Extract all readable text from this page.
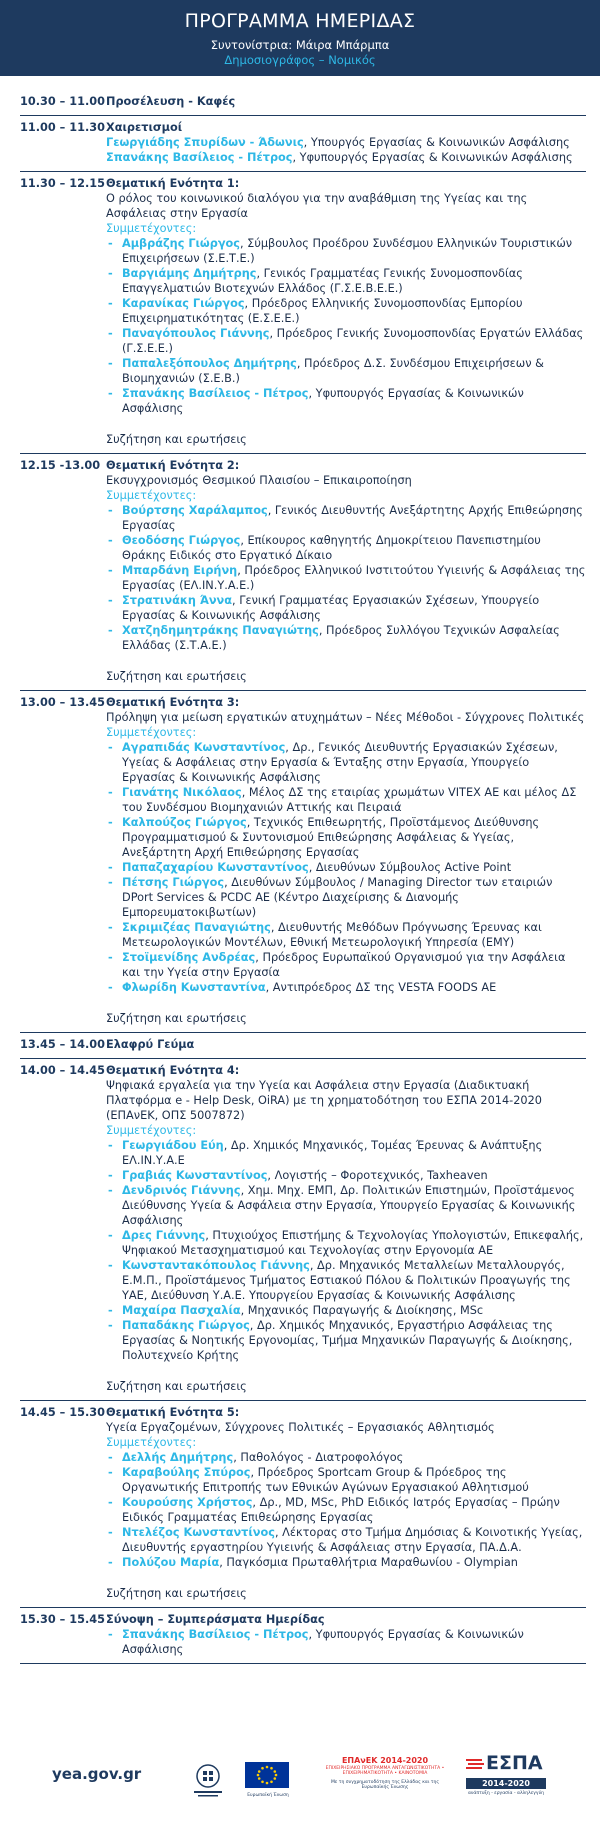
ΠΡΟΓΡΑΜΜΑ ΗΜΕΡΙΔΑΣ
Συντονίστρια: Μάιρα Μπάρμπα
Δημοσιογράφος – Νομικός
10.30 – 11.00 Προσέλευση - Καφές
11.00 – 11.30 Χαιρετισμοί
Γεωργιάδης Σπυρίδων - Άδωνις, Υπουργός Εργασίας & Κοινωνικών Ασφάλισης
Σπανάκης Βασίλειος - Πέτρος, Υφυπουργός Εργασίας & Κοινωνικών Ασφάλισης
11.30 – 12.15 Θεματική Ενότητα 1:
Ο ρόλος του κοινωνικού διαλόγου για την αναβάθμιση της Υγείας και της Ασφάλειας στην Εργασία
Συμμετέχοντες:
- Αμβράζης Γιώργος, Σύμβουλος Προέδρου Συνδέσμου Ελληνικών Τουριστικών Επιχειρήσεων (Σ.Ε.Τ.Ε.)
- Βαργιάμης Δημήτρης, Γενικός Γραμματέας Γενικής Συνομοσπονδίας Επαγγελματιών Βιοτεχνών Ελλάδος (Γ.Σ.Ε.Β.Ε.Ε.)
- Καρανίκας Γιώργος, Πρόεδρος Ελληνικής Συνομοσπονδίας Εμπορίου Επιχειρηματικότητας (Ε.Σ.Ε.Ε.)
- Παναγόπουλος Γιάννης, Πρόεδρος Γενικής Συνομοσπονδίας Εργατών Ελλάδας (Γ.Σ.Ε.Ε.)
- Παπαλεξόπουλος Δημήτρης, Πρόεδρος Δ.Σ. Συνδέσμου Επιχειρήσεων & Βιομηχανιών (Σ.Ε.Β.)
- Σπανάκης Βασίλειος - Πέτρος, Υφυπουργός Εργασίας & Κοινωνικών Ασφάλισης
Συζήτηση και ερωτήσεις
12.15 -13.00 Θεματική Ενότητα 2:
Εκσυγχρονισμός Θεσμικού Πλαισίου – Επικαιροποίηση
Συμμετέχοντες:
- Βούρτσης Χαράλαμπος, Γενικός Διευθυντής Ανεξάρτητης Αρχής Επιθεώρησης Εργασίας
- Θεοδόσης Γιώργος, Επίκουρος καθηγητής Δημοκρίτειου Πανεπιστημίου Θράκης Ειδικός στο Εργατικό Δίκαιο
- Μπαρδάνη Ειρήνη, Πρόεδρος Ελληνικού Ινστιτούτου Υγιεινής & Ασφάλειας της Εργασίας (ΕΛ.ΙΝ.Υ.Α.Ε.)
- Στρατινάκη Άννα, Γενική Γραμματέας Εργασιακών Σχέσεων, Υπουργείο Εργασίας & Κοινωνικής Ασφάλισης
- Χατζηδημητράκης Παναγιώτης, Πρόεδρος Συλλόγου Τεχνικών Ασφαλείας Ελλάδας (Σ.Τ.Α.Ε.)
Συζήτηση και ερωτήσεις
13.00 – 13.45 Θεματική Ενότητα 3:
Πρόληψη για μείωση εργατικών ατυχημάτων – Νέες Μέθοδοι - Σύγχρονες Πολιτικές
Συμμετέχοντες:
- Αγραπιδάς Κωνσταντίνος, Δρ., Γενικός Διευθυντής Εργασιακών Σχέσεων, Υγείας & Ασφάλειας στην Εργασία & Ένταξης στην Εργασία, Υπουργείο Εργασίας & Κοινωνικής Ασφάλισης
- Γιανάτης Νικόλαος, Μέλος ΔΣ της εταιρίας χρωμάτων VITEX AE και μέλος ΔΣ του Συνδέσμου Βιομηχανιών Αττικής και Πειραιά
- Καλπούζος Γιώργος, Τεχνικός Επιθεωρητής, Προϊστάμενος Διεύθυνσης Προγραμματισμού & Συντονισμού Επιθεώρησης Ασφάλειας & Υγείας, Ανεξάρτητη Αρχή Επιθεώρησης Εργασίας
- Παπαζαχαρίου Κωνσταντίνος, Διευθύνων Σύμβουλος Active Point
- Πέτσης Γιώργος, Διευθύνων Σύμβουλος / Managing Director των εταιριών DPort Services & PCDC AE (Κέντρο Διαχείρισης & Διανομής Εμπορευματοκιβωτίων)
- Σκριμιζέας Παναγιώτης, Διευθυντής Μεθόδων Πρόγνωσης Έρευνας και Μετεωρολογικών Μοντέλων, Εθνική Μετεωρολογική Υπηρεσία (ΕΜΥ)
- Στοϊμενίδης Ανδρέας, Πρόεδρος Ευρωπαϊκού Οργανισμού για την Ασφάλεια και την Υγεία στην Εργασία
- Φλωρίδη Κωνσταντίνα, Αντιπρόεδρος ΔΣ της VESTA FOODS AE
Συζήτηση και ερωτήσεις
13.45 – 14.00 Ελαφρύ Γεύμα
14.00 – 14.45 Θεματική Ενότητα 4:
Ψηφιακά εργαλεία για την Υγεία και Ασφάλεια στην Εργασία (Διαδικτυακή Πλατφόρμα e - Help Desk, OiRA) με τη χρηματοδότηση του ΕΣΠΑ 2014-2020 (ΕΠΑνΕΚ, ΟΠΣ 5007872)
Συμμετέχοντες:
- Γεωργιάδου Εύη, Δρ. Χημικός Μηχανικός, Τομέας Έρευνας & Ανάπτυξης ΕΛ.ΙΝ.Υ.Α.Ε
- Γραβιάς Κωνσταντίνος, Λογιστής – Φοροτεχνικός, Taxheaven
- Δενδρινός Γιάννης, Χημ. Μηχ. ΕΜΠ, Δρ. Πολιτικών Επιστημών, Προϊστάμενος Διεύθυνσης Υγεία & Ασφάλεια στην Εργασία, Υπουργείο Εργασίας & Κοινωνικής Ασφάλισης
- Δρες Γιάννης, Πτυχιούχος Επιστήμης & Τεχνολογίας Υπολογιστών, Επικεφαλής, Ψηφιακού Μετασχηματισμού και Τεχνολογίας στην Εργονομία ΑΕ
- Κωνσταντακόπουλος Γιάννης, Δρ. Μηχανικός Μεταλλείων Μεταλλουργός, Ε.Μ.Π., Προϊστάμενος Τμήματος Εστιακού Πόλου & Πολιτικών Προαγωγής της ΥΑΕ, Διεύθυνση Υ.Α.Ε. Υπουργείου Εργασίας & Κοινωνικής Ασφάλισης
- Μαχαίρα Πασχαλία, Μηχανικός Παραγωγής & Διοίκησης, MSc
- Παπαδάκης Γιώργος, Δρ. Χημικός Μηχανικός, Εργαστήριο Ασφάλειας της Εργασίας & Νοητικής Εργονομίας, Τμήμα Μηχανικών Παραγωγής & Διοίκησης, Πολυτεχνείο Κρήτης
Συζήτηση και ερωτήσεις
14.45 – 15.30 Θεματική Ενότητα 5:
Υγεία Εργαζομένων, Σύγχρονες Πολιτικές – Εργασιακός Αθλητισμός
Συμμετέχοντες:
- Δελλής Δημήτρης, Παθολόγος - Διατροφολόγος
- Καραβούλης Σπύρος, Πρόεδρος Sportcam Group & Πρόεδρος της Οργανωτικής Επιτροπής των Εθνικών Αγώνων Εργασιακού Αθλητισμού
- Κουρούσης Χρήστος, Δρ., MD, MSc, PhD Ειδικός Ιατρός Εργασίας – Πρώην Ειδικός Γραμματέας Επιθεώρησης Εργασίας
- Ντελέζος Κωνσταντίνος, Λέκτορας στο Τμήμα Δημόσιας & Κοινοτικής Υγείας, Διευθυντής εργαστηρίου Υγιεινής & Ασφάλειας στην Εργασία, ΠΑ.Δ.Α.
- Πολύζου Μαρία, Παγκόσμια Πρωταθλήτρια Μαραθωνίου - Olympian
Συζήτηση και ερωτήσεις
15.30 – 15.45 Σύνοψη – Συμπεράσματα Ημερίδας
- Σπανάκης Βασίλειος - Πέτρος, Υφυπουργός Εργασίας & Κοινωνικών Ασφάλισης
yea.gov.gr
Ευρωπαϊκή Ένωση
ΕΠΑνΕΚ 2014-2020
ΕΠΙΧΕΙΡΗΣΙΑΚΟ ΠΡΟΓΡΑΜΜΑ ΑΝΤΑΓΩΝΙΣΤΙΚΟΤΗΤΑ • ΕΠΙΧΕΙΡΗΜΑΤΙΚΟΤΗΤΑ • ΚΑΙΝΟΤΟΜΙΑ
Με τη συγχρηματοδότηση της Ελλάδας και της Ευρωπαϊκής Ένωσης
ΕΣΠΑ
2014-2020
ανάπτυξη - εργασία - αλληλεγγύη
